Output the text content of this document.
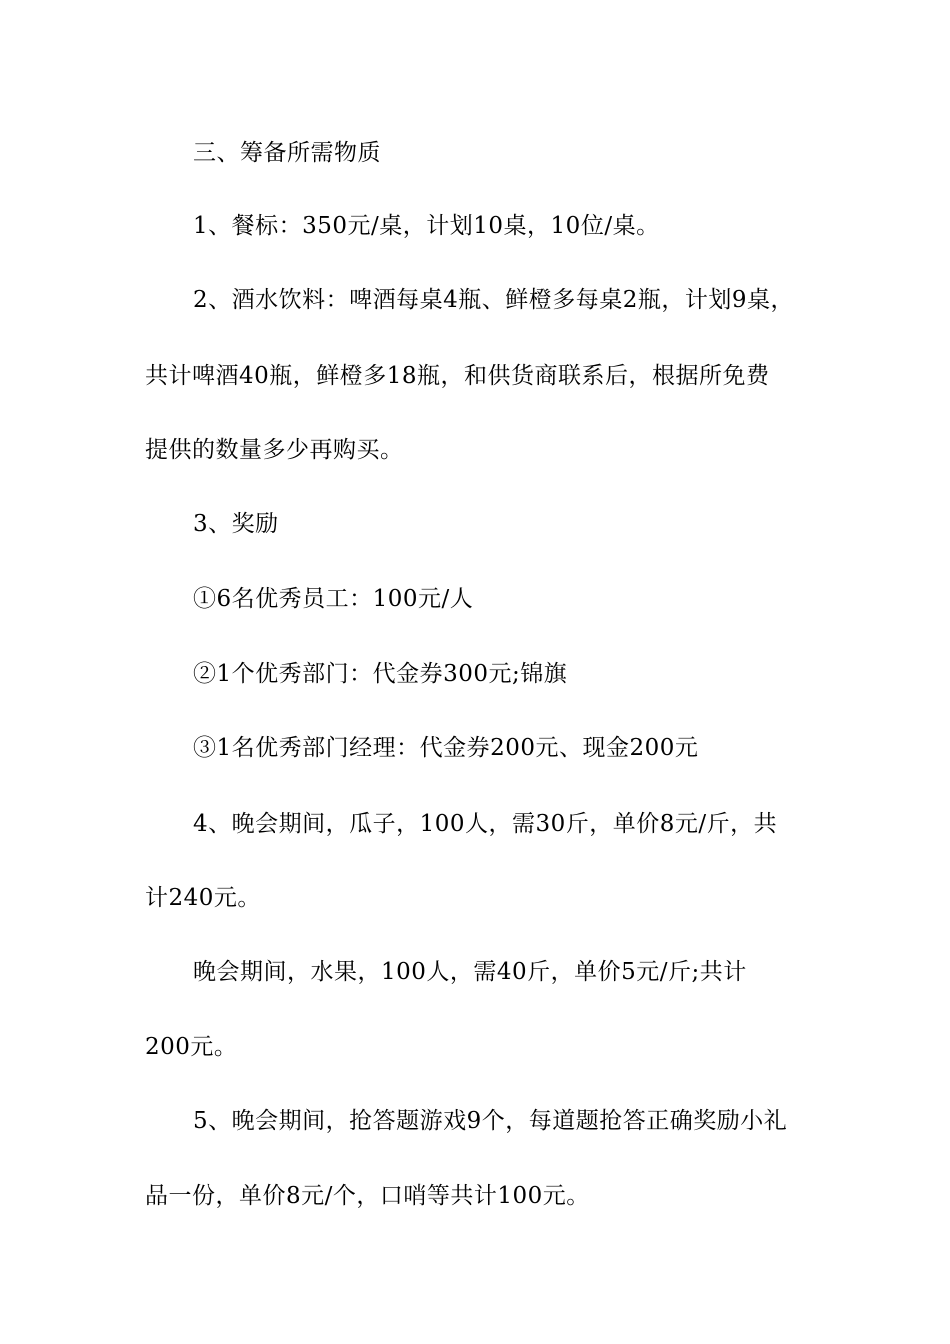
三、筹备所需物质
1、餐标：350元/桌，计划10桌，10位/桌。
2、酒水饮料：啤酒每桌4瓶、鲜橙多每桌2瓶，计划9桌，
共计啤酒40瓶，鲜橙多18瓶，和供货商联系后，根据所免费
提供的数量多少再购买。
3、奖励
①6名优秀员工：100元/人
②1个优秀部门：代金券300元;锦旗
③1名优秀部门经理：代金券200元、现金200元
4、晚会期间，瓜子，100人，需30斤，单价8元/斤，共
计240元。
晚会期间，水果，100人，需40斤，单价5元/斤;共计
200元。
5、晚会期间，抢答题游戏9个，每道题抢答正确奖励小礼
品一份，单价8元/个，口哨等共计100元。
